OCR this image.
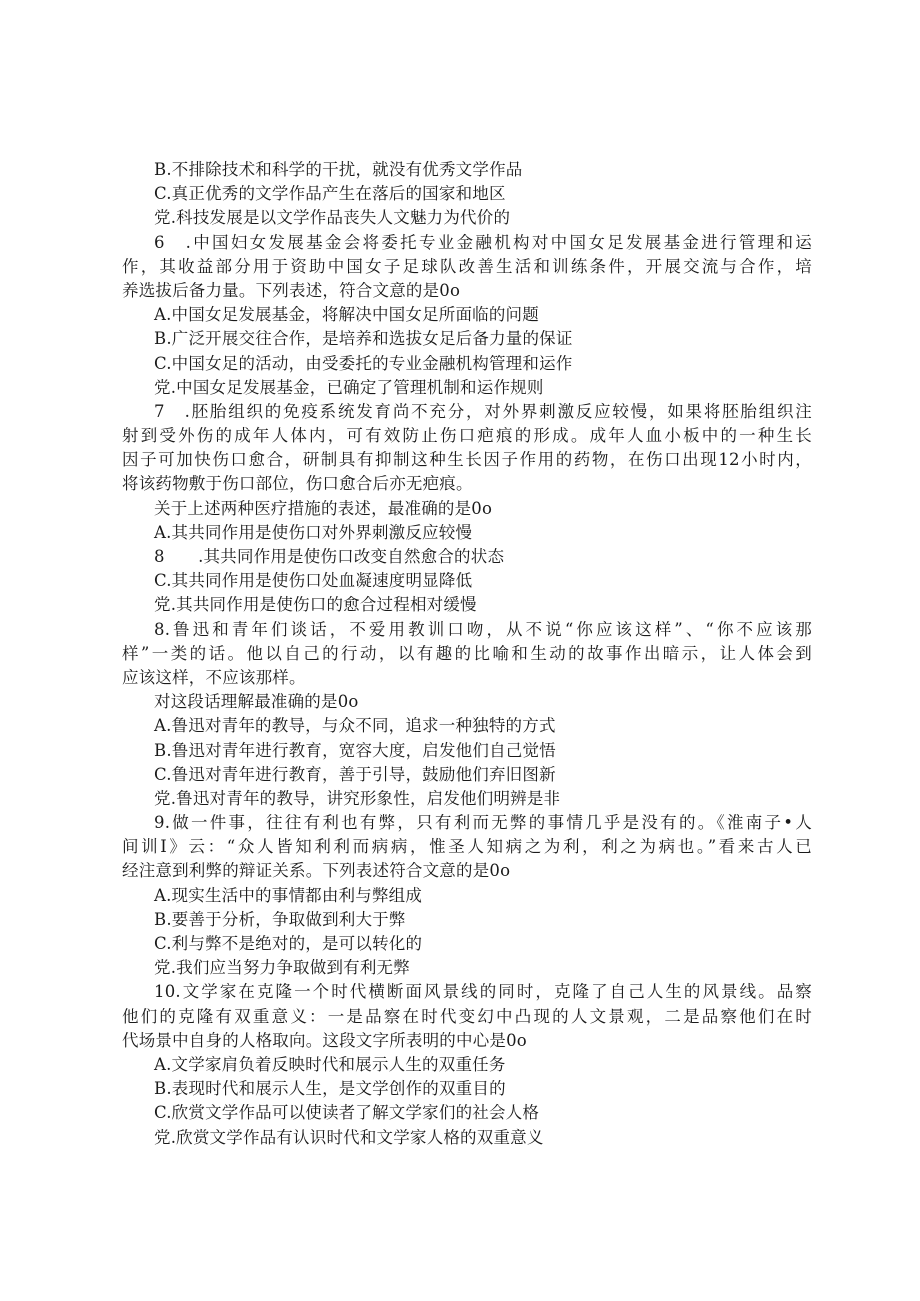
B.不排除技术和科学的干扰，就没有优秀文学作品
C.真正优秀的文学作品产生在落后的国家和地区
党.科技发展是以文学作品丧失人文魅力为代价的
6　.中国妇女发展基金会将委托专业金融机构对中国女足发展基金进行管理和运
作，其收益部分用于资助中国女子足球队改善生活和训练条件，开展交流与合作，培
养选拔后备力量。下列表述，符合文意的是0o
A.中国女足发展基金，将解决中国女足所面临的问题
B.广泛开展交往合作，是培养和选拔女足后备力量的保证
C.中国女足的活动，由受委托的专业金融机构管理和运作
党.中国女足发展基金，已确定了管理机制和运作规则
7　.胚胎组织的免疫系统发育尚不充分，对外界刺激反应较慢，如果将胚胎组织注
射到受外伤的成年人体内，可有效防止伤口疤痕的形成。成年人血小板中的一种生长
因子可加快伤口愈合，研制具有抑制这种生长因子作用的药物，在伤口出现12小时内，
将该药物敷于伤口部位，伤口愈合后亦无疤痕。
关于上述两种医疗措施的表述，最准确的是0o
A.其共同作用是使伤口对外界刺激反应较慢
8　　.其共同作用是使伤口改变自然愈合的状态
C.其共同作用是使伤口处血凝速度明显降低
党.其共同作用是使伤口的愈合过程相对缓慢
8.鲁迅和青年们谈话，不爱用教训口吻，从不说“你应该这样”、“你不应该那
样”一类的话。他以自己的行动，以有趣的比喻和生动的故事作出暗示，让人体会到
应该这样，不应该那样。
对这段话理解最准确的是0o
A.鲁迅对青年的教导，与众不同，追求一种独特的方式
B.鲁迅对青年进行教育，宽容大度，启发他们自己觉悟
C.鲁迅对青年进行教育，善于引导，鼓励他们弃旧图新
党.鲁迅对青年的教导，讲究形象性，启发他们明辨是非
9.做一件事，往往有利也有弊，只有利而无弊的事情几乎是没有的。《淮南子•人
间训I》云：“众人皆知利利而病病，惟圣人知病之为利，利之为病也。”看来古人已
经注意到利弊的辩证关系。下列表述符合文意的是0o
A.现实生活中的事情都由利与弊组成
B.要善于分析，争取做到利大于弊
C.利与弊不是绝对的，是可以转化的
党.我们应当努力争取做到有利无弊
10.文学家在克隆一个时代横断面风景线的同时，克隆了自己人生的风景线。品察
他们的克隆有双重意义：一是品察在时代变幻中凸现的人文景观，二是品察他们在时
代场景中自身的人格取向。这段文字所表明的中心是0o
A.文学家肩负着反映时代和展示人生的双重任务
B.表现时代和展示人生，是文学创作的双重目的
C.欣赏文学作品可以使读者了解文学家们的社会人格
党.欣赏文学作品有认识时代和文学家人格的双重意义
